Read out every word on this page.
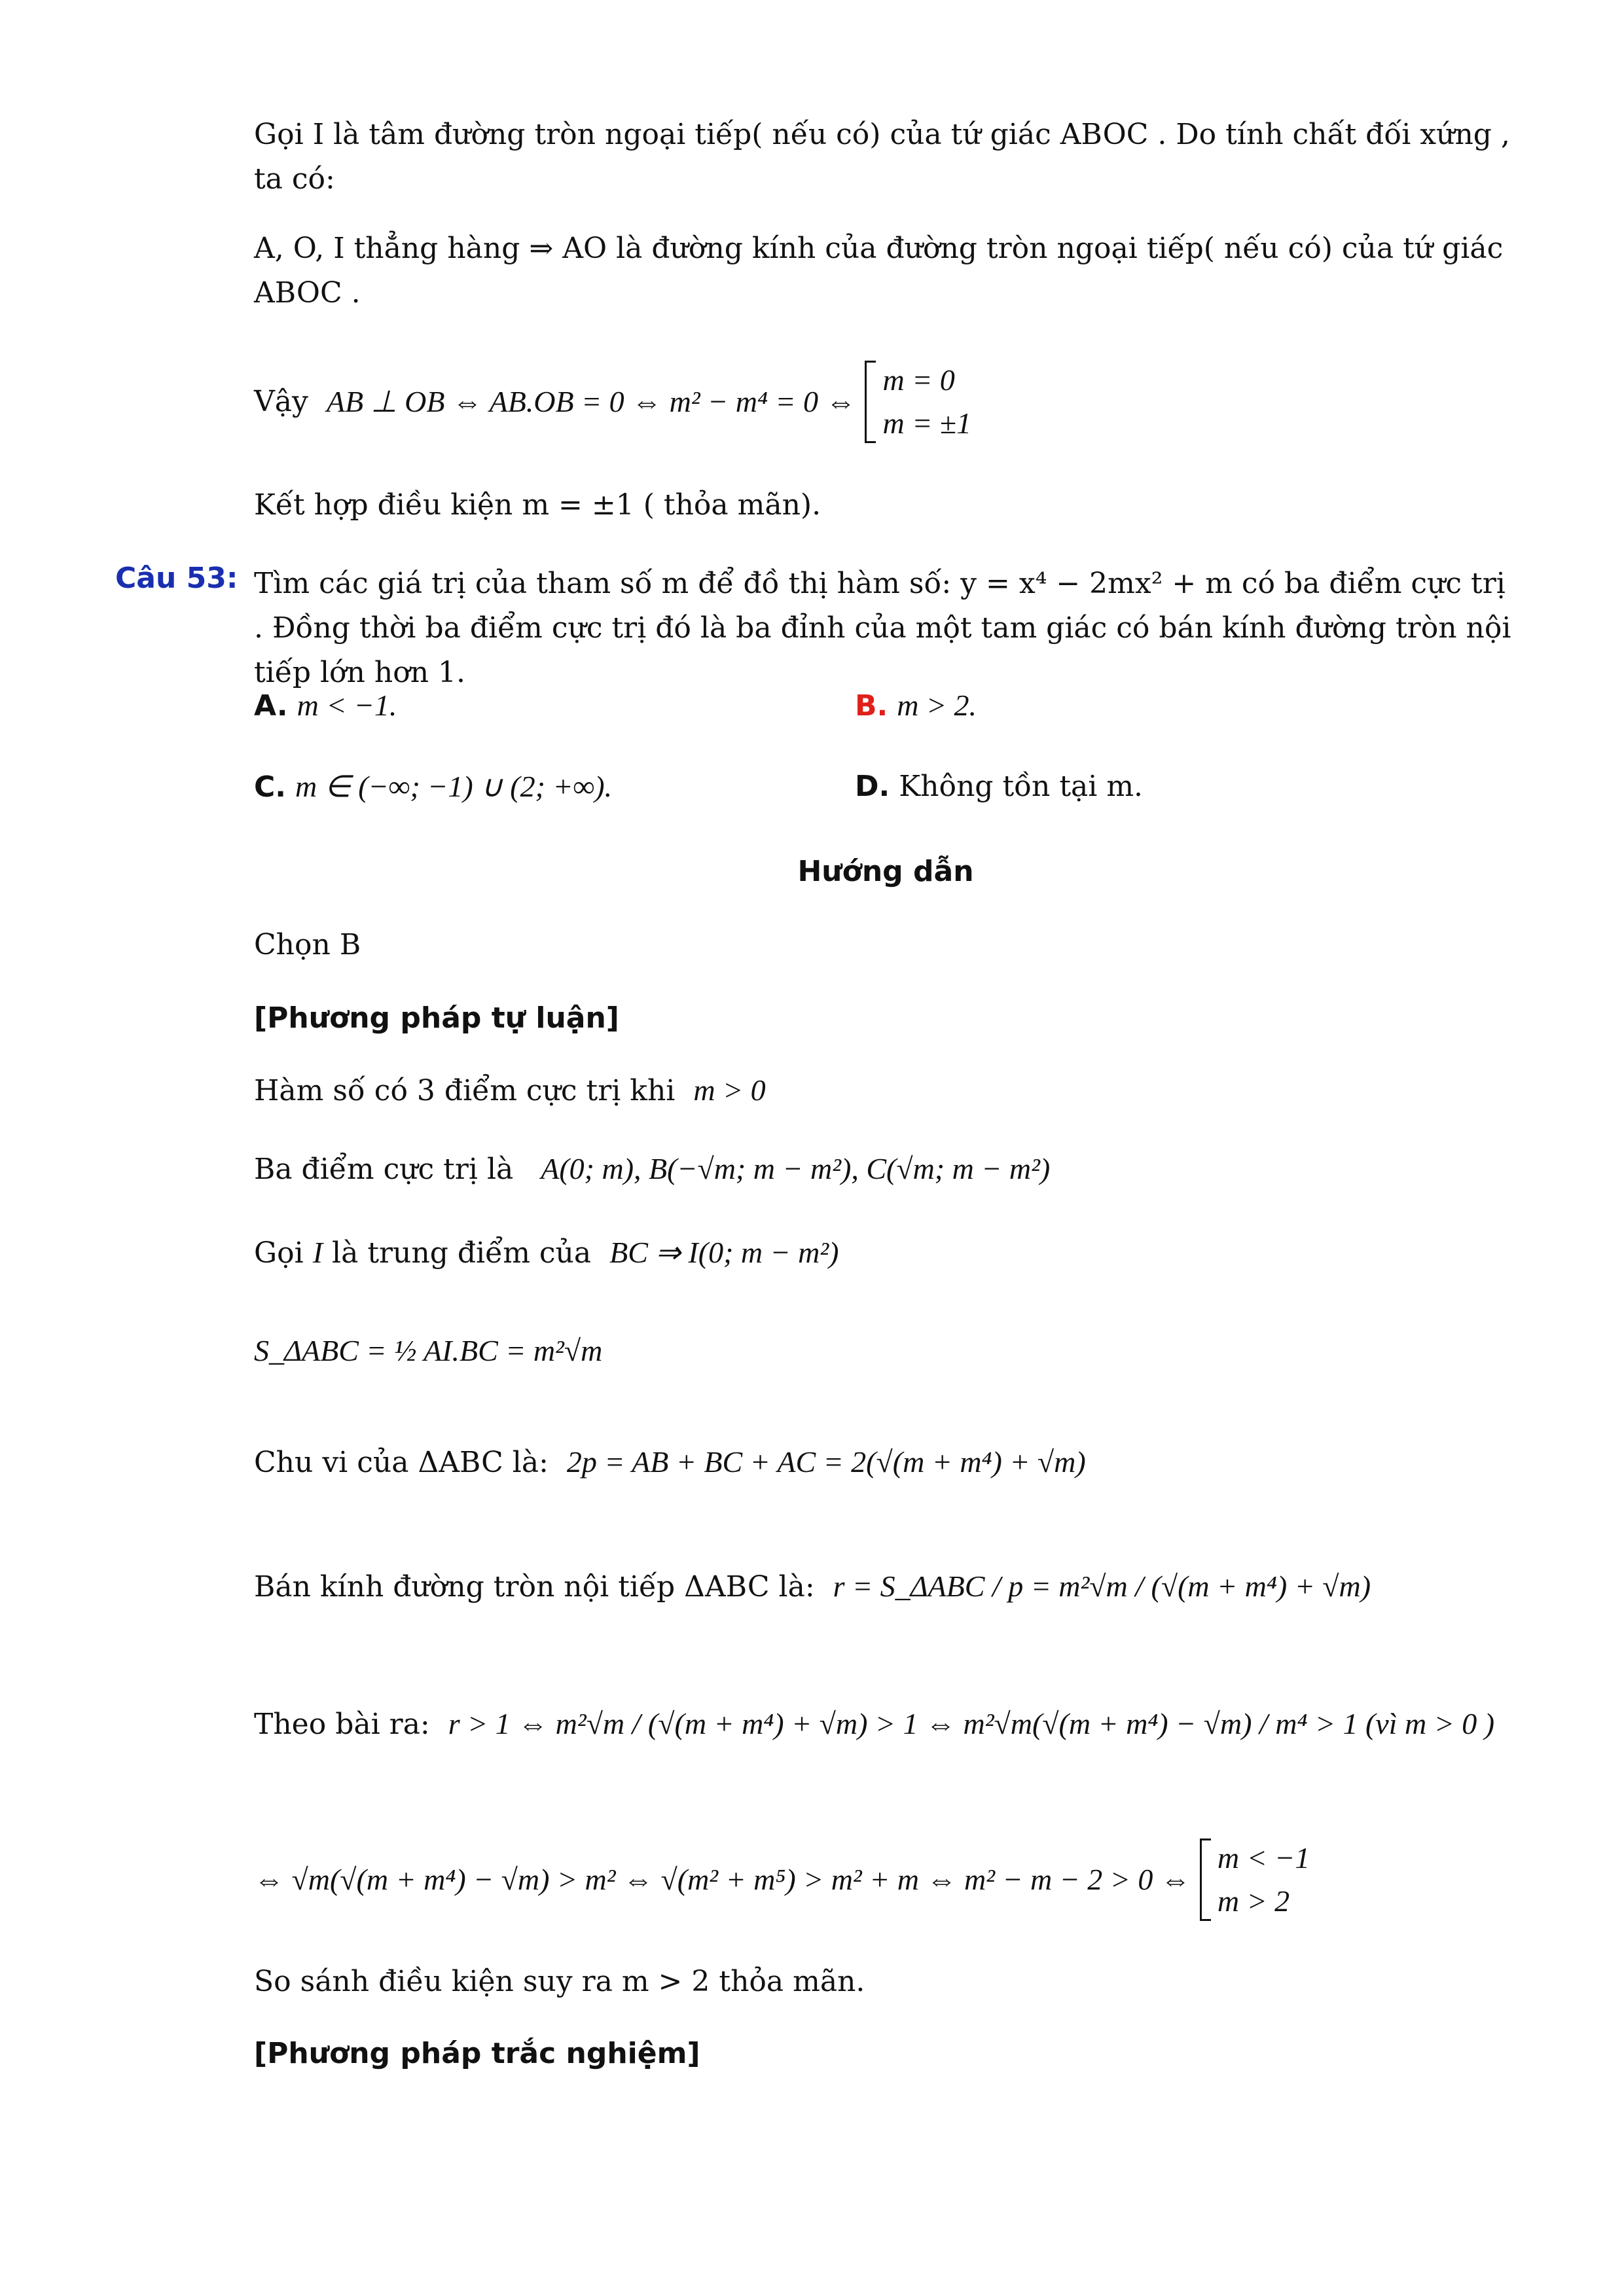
Gọi I là tâm đường tròn ngoại tiếp( nếu có) của tứ giác ABOC . Do tính chất đối xứng , ta có:
A, O, I thẳng hàng ⇒ AO là đường kính của đường tròn ngoại tiếp( nếu có) của tứ giác ABOC .
Vậy
AB ⊥ OB ⇔ AB.OB = 0 ⇔ m² − m⁴ = 0 ⇔

m = 0
m = ±1
Kết hợp điều kiện m = ±1 ( thỏa mãn).
Câu 53: Tìm các giá trị của tham số m để đồ thị hàm số: y = x⁴ − 2mx² + m có ba điểm cực trị . Đồng thời ba điểm cực trị đó là ba đỉnh của một tam giác có bán kính đường tròn nội tiếp lớn hơn 1.
A. m < −1.	B. m > 2.
C. m ∈ (−∞; −1) ∪ (2; +∞).	D. Không tồn tại m.
Hướng dẫn
Chọn B
[Phương pháp tự luận]
Hàm số có 3 điểm cực trị khi m > 0
Ba điểm cực trị là A(0; m), B(−√m; m − m²), C(√m; m − m²)
Gọi I là trung điểm của BC ⇒ I(0; m − m²)
S_ΔABC = ½ AI.BC = m²√m
Chu vi của ΔABC là: 2p = AB + BC + AC = 2(√(m + m⁴) + √m)
Bán kính đường tròn nội tiếp ΔABC là: r = S_ΔABC / p = m²√m / (√(m + m⁴) + √m)
Theo bài ra: r > 1 ⇔ m²√m / (√(m + m⁴) + √m) > 1 ⇔ m²√m(√(m + m⁴) − √m) / m⁴ > 1 (vì m > 0 )
⇔ √m(√(m + m⁴) − √m) > m² ⇔ √(m² + m⁵) > m² + m ⇔ m² − m − 2 > 0 ⇔

m < −1
m > 2
So sánh điều kiện suy ra m > 2 thỏa mãn.
[Phương pháp trắc nghiệm]
